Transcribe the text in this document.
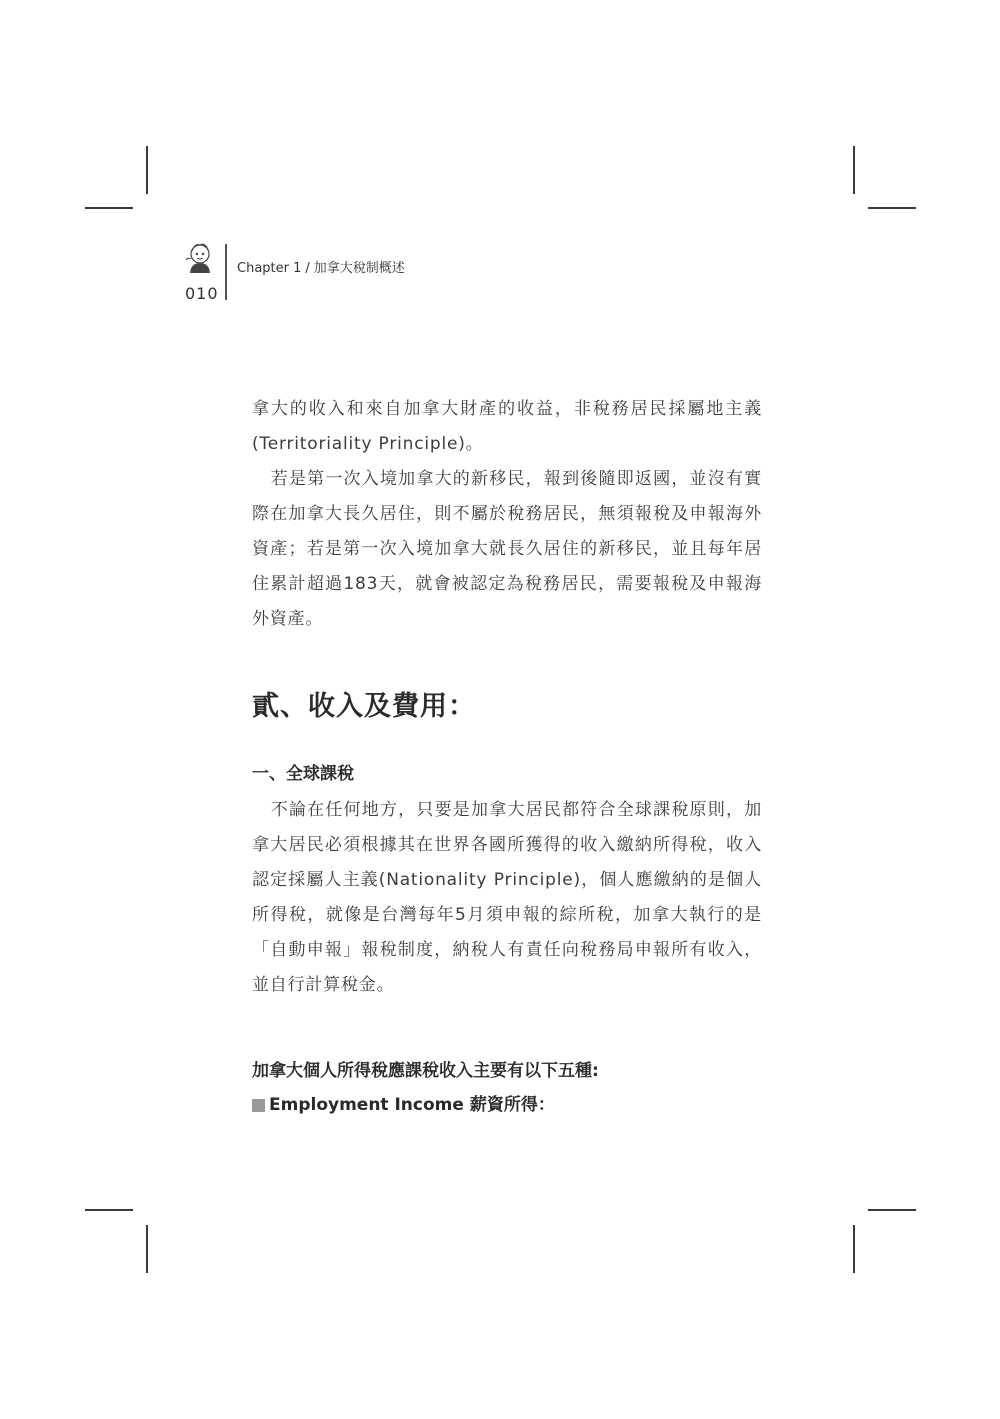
010
Chapter 1 / 加拿大稅制概述

拿大的收入和來自加拿大財產的收益，非稅務居民採屬地主義(Territoriality Principle)。

若是第一次入境加拿大的新移民，報到後隨即返國，並沒有實際在加拿大長久居住，則不屬於稅務居民，無須報稅及申報海外資產；若是第一次入境加拿大就長久居住的新移民，並且每年居住累計超過183天，就會被認定為稅務居民，需要報稅及申報海外資產。

貳、收入及費用：
一、全球課稅

不論在任何地方，只要是加拿大居民都符合全球課稅原則，加拿大居民必須根據其在世界各國所獲得的收入繳納所得稅，收入認定採屬人主義(Nationality Principle)，個人應繳納的是個人所得稅，就像是台灣每年5月須申報的綜所稅，加拿大執行的是「自動申報」報稅制度，納稅人有責任向稅務局申報所有收入，並自行計算稅金。

加拿大個人所得稅應課稅收入主要有以下五種:

Employment Income 薪資所得：
